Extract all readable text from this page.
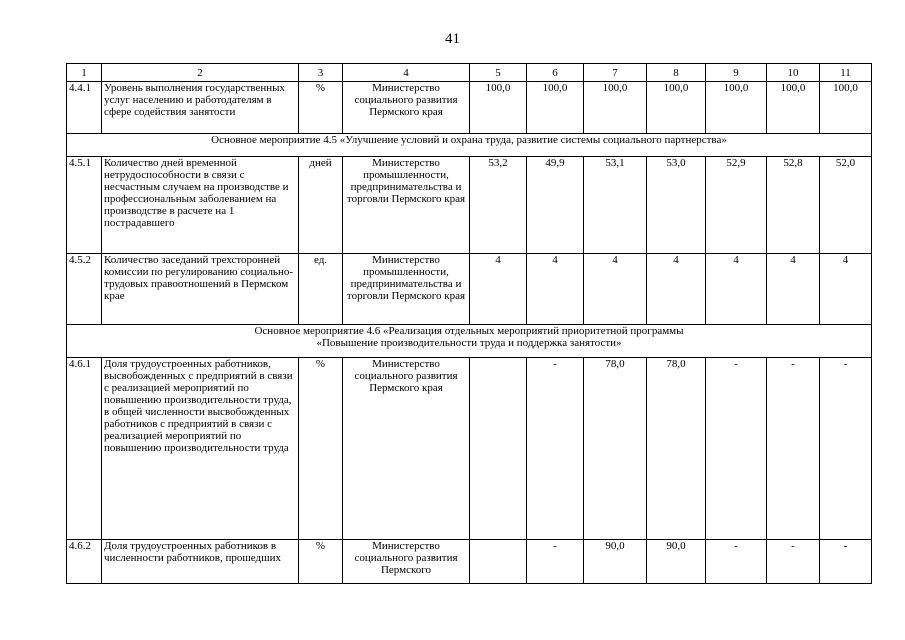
41
1	2	3	4	5	6	7	8	9	10	11
4.4.1	Уровень выполнения государственных услуг населению и работодателям в сфере содействия занятости	%	Министерство социального развития Пермского края	100,0	100,0	100,0	100,0	100,0	100,0	100,0
Основное мероприятие 4.5 «Улучшение условий и охрана труда, развитие системы социального партнерства»										
4.5.1	Количество дней временной нетрудоспособности в связи с несчастным случаем на производстве и профессиональным заболеванием на производстве в расчете на 1 пострадавшего	дней	Министерство промышленности, предпринимательства и торговли Пермского края	53,2	49,9	53,1	53,0	52,9	52,8	52,0
4.5.2	Количество заседаний трехсторонней комиссии по регулированию социально-трудовых правоотношений в Пермском крае	ед.	Министерство промышленности, предпринимательства и торговли Пермского края	4	4	4	4	4	4	4

Основное мероприятие 4.6 «Реализация отдельных мероприятий приоритетной программы
«Повышение производительности труда и поддержка занятости»										

4.6.1	Доля трудоустроенных работников, высвобожденных с предприятий в связи с реализацией мероприятий по повышению производительности труда, в общей численности высвобожденных работников с предприятий в связи с реализацией мероприятий по повышению производительности труда	%	Министерство социального развития Пермского края		-	78,0	78,0	-	-	-
4.6.2	Доля трудоустроенных работников в численности работников, прошедших	%	Министерство социального развития Пермского		-	90,0	90,0	-	-	-
